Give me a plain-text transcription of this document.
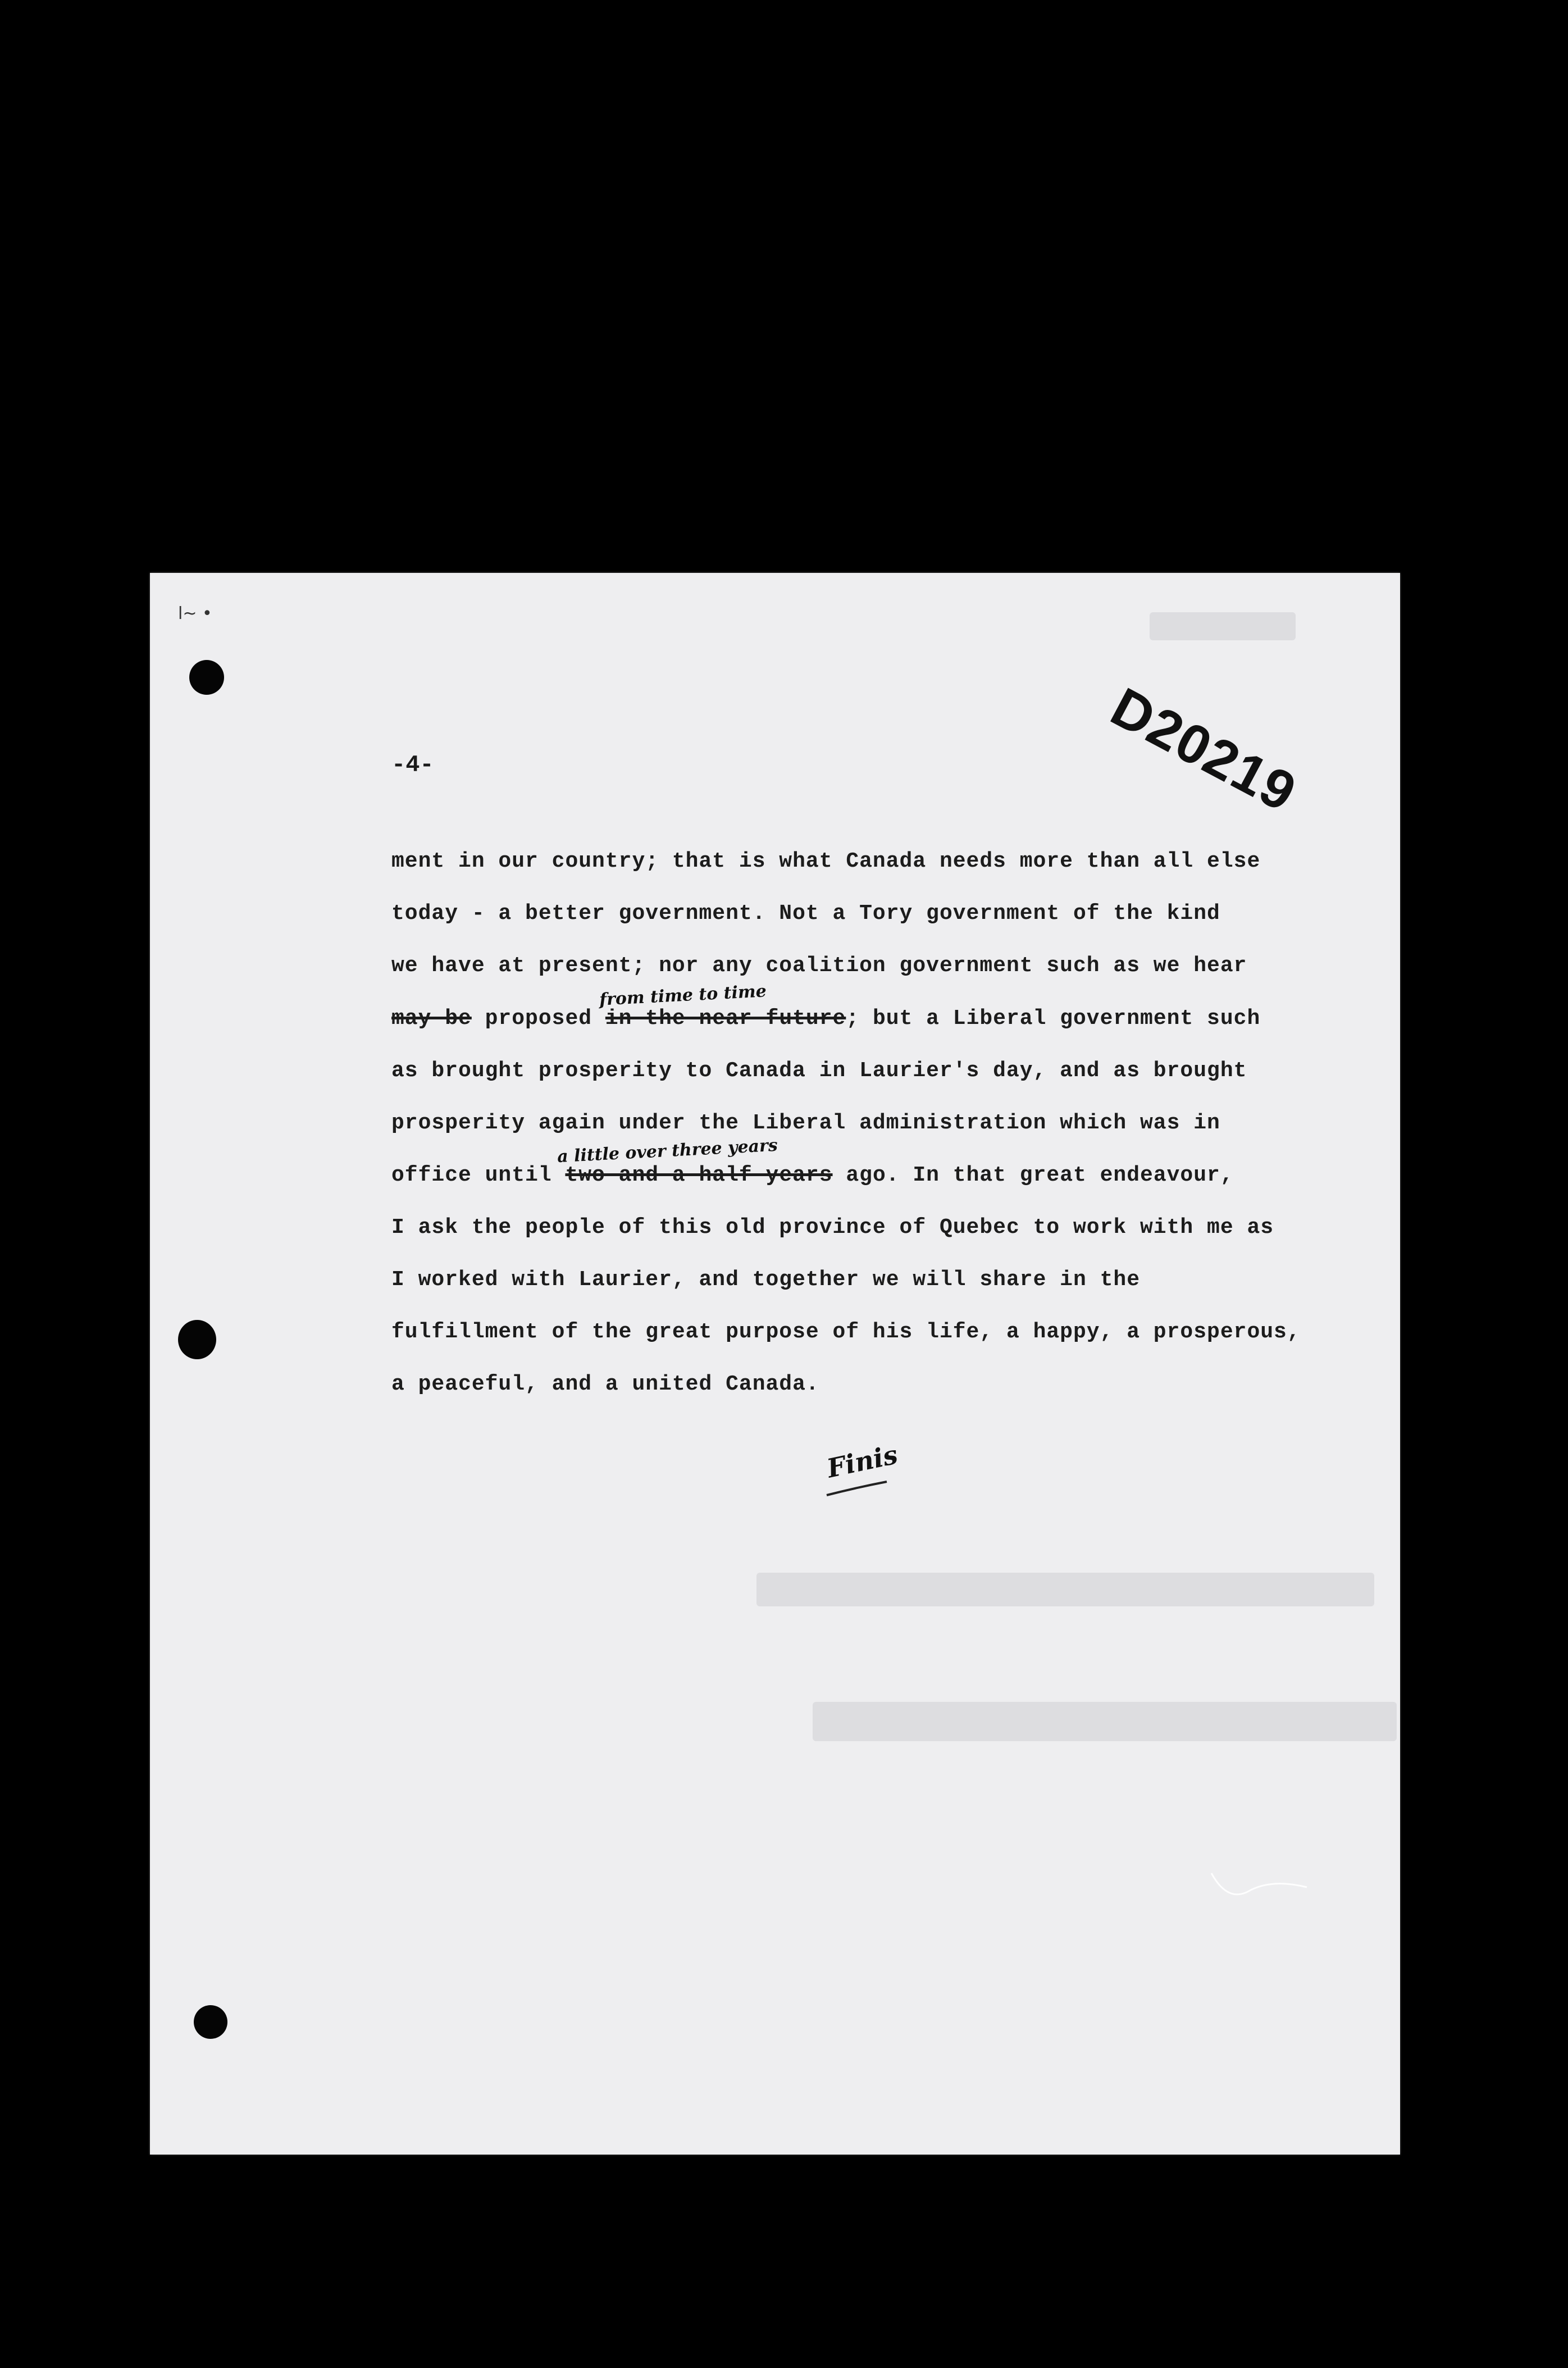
l~ •
D20219
-4-
ment in our country; that is what Canada needs more than all else
today - a better government. Not a Tory government of the kind
we have at present; nor any coalition government such as we hear
from time to time
may be proposed in the near future; but a Liberal government such
as brought prosperity to Canada in Laurier's day, and as brought
prosperity again under the Liberal administration which was in
a little over three years
office until two and a half years ago. In that great endeavour,
I ask the people of this old province of Quebec to work with me as
I worked with Laurier, and together we will share in the
fulfillment of the great purpose of his life, a happy, a prosperous,
a peaceful, and a united Canada.
Finis
